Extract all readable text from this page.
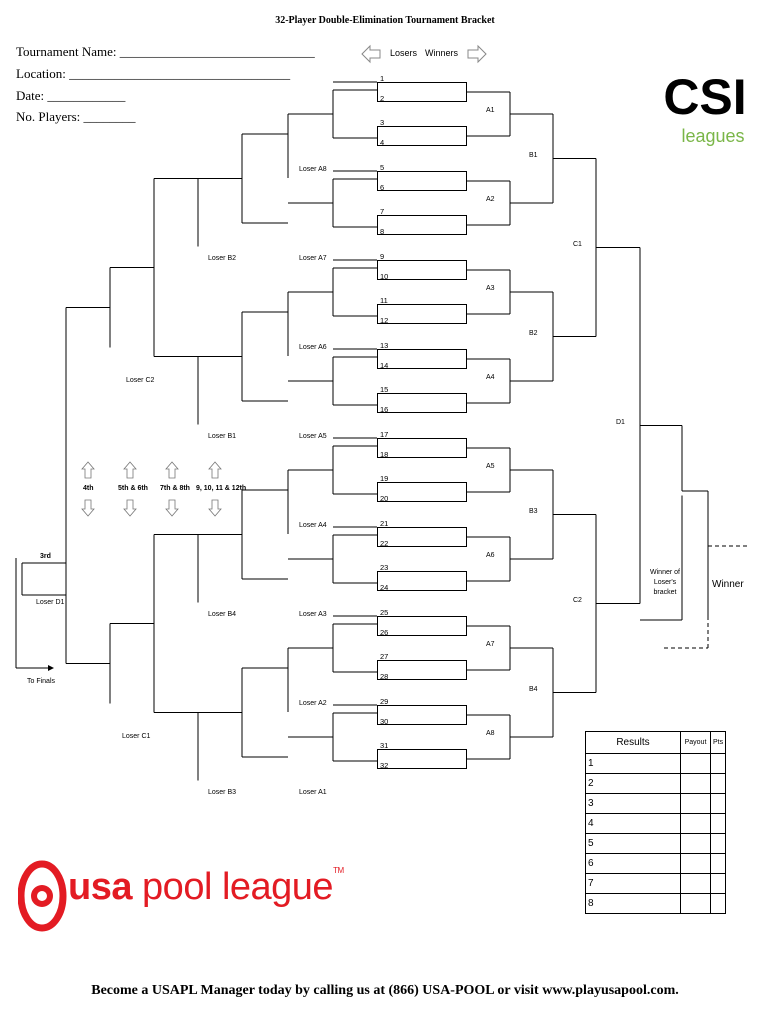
32-Player Double-Elimination Tournament Bracket
Tournament Name: ______________________________
Location: __________________________________
Date: ____________
No. Players: ________
Losers Winners
CSI
leagues
1
2
3
4
5
6
7
8
9
10
11
12
13
14
15
16
17
18
19
20
21
22
23
24
25
26
27
28
29
30
31
32
A1
A2
A3
A4
A5
A6
A7
A8
B1
B2
B3
B4
C1
C2
D1
Loser A8
Loser A7
Loser A6
Loser A5
Loser A4
Loser A3
Loser A2
Loser A1
Loser B2
Loser B1
Loser B4
Loser B3
Loser C2
Loser C1
Loser D1
3rd
To Finals
4th	5th & 6th 7th & 8th 9, 10, 11 & 12th
Winner of
Loser's
bracket
Winner
Results	Payout	Pts
1		
2		
3		
4		
5		
6		
7		
8		
usa pool league™
Become a USAPL Manager today by calling us at (866) USA-POOL or visit www.playusapool.com.
